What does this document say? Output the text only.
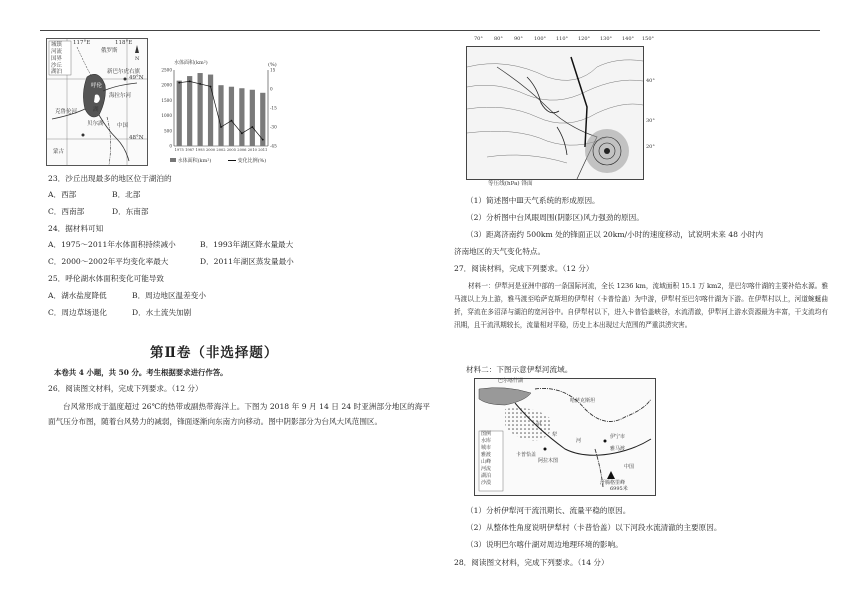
N
城镇
河流
国界
沙丘
湖泊
117°E	118°E
俄罗斯
呼伦
湖
新巴尔虎右旗
海拉尔河
中国
克鲁伦河
贝尔湖
蒙古
49°N
48°N
水体面积(km²)	(%)
0
500
1000
1500
2000
2500	15
0
-15
-30
-45
1975 1987 1993 2000 2002 2005 2006 2010 2011
水体面积(km²)	变化比例(%)
23．沙丘出现最多的地区位于湖泊的
A．西部	B．北部
C．西南部	D．东南部
24．据材料可知
A．1975～2011年水体面积持续减小	B．1993年湖区降水量最大
C．2000～2002年平均变化率最大	D．2011年湖区蒸发量最小
25．呼伦湖水体面积变化可能导致
A．湖水盐度降低	B．周边地区温差变小
C．周边草场退化	D．水土流失加剧
第Ⅱ卷（非选择题）
本卷共 4 小题，共 50 分。考生根据要求进行作答。
26．阅读图文材料，完成下列要求。（12 分）
台风常形成于温度超过 26℃的热带或副热带海洋上。下图为 2018 年 9 月 14 日 24 时亚洲部分地区的海平面气压分布图，随着台风势力的减弱，锋面逐渐向东南方向移动。图中阴影部分为台风大风范围区。
70° 80° 90° 100° 110° 120° 130° 140° 150°
40°
30°
20°
等压线(hPa) 锋面
（1）简述图中Ⅲ天气系统的形成原因。
（2）分析图中台风眼周围(阴影区)风力强劲的原因。
（3）距离济南约 500km 处的锋面正以 20km/小时的速度移动，试说明未来 48 小时内
济南地区的天气变化特点。
27．阅读材料，完成下列要求。（12 分）
材料一：伊犁河是亚洲中部的一条国际河流，全长 1236 km，流域面积 15.1 万 km2，是巴尔喀什湖的主要补给水源。雅马渡以上为上游，雅马渡至哈萨克斯坦的伊犁村（卡普恰盖）为中游，伊犁村至巴尔喀什湖为下游。在伊犁村以上，河道蜿蜒曲折，穿流在多沼泽与湖泊的宽河谷中。自伊犁村以下，进入卡普恰盖峡谷，水流清澈，伊犁河上游水资源最为丰富，干支流均有汛期，且干流汛期较长，流量相对平稳，历史上本出现过大范围的严重洪涝灾害。
材料二：下图示意伊犁河流域。
巴尔喀什湖
伊
犁
河
卡普恰盖
阿拉木图
伊宁市
雅马渡
汗腾格里峰
6995米
哈萨克斯坦
中国
图例
水库
城市
雅渡
山峰
河流
湖泊
沙漠
（1）分析伊犁河干流汛期长、流量平稳的原因。
（2）从整体性角度说明伊犁村（卡普恰盖）以下河段水流清澈的主要原因。
（3）说明巴尔喀什湖对周边地理环境的影响。
28．阅读图文材料，完成下列要求。（14 分）
